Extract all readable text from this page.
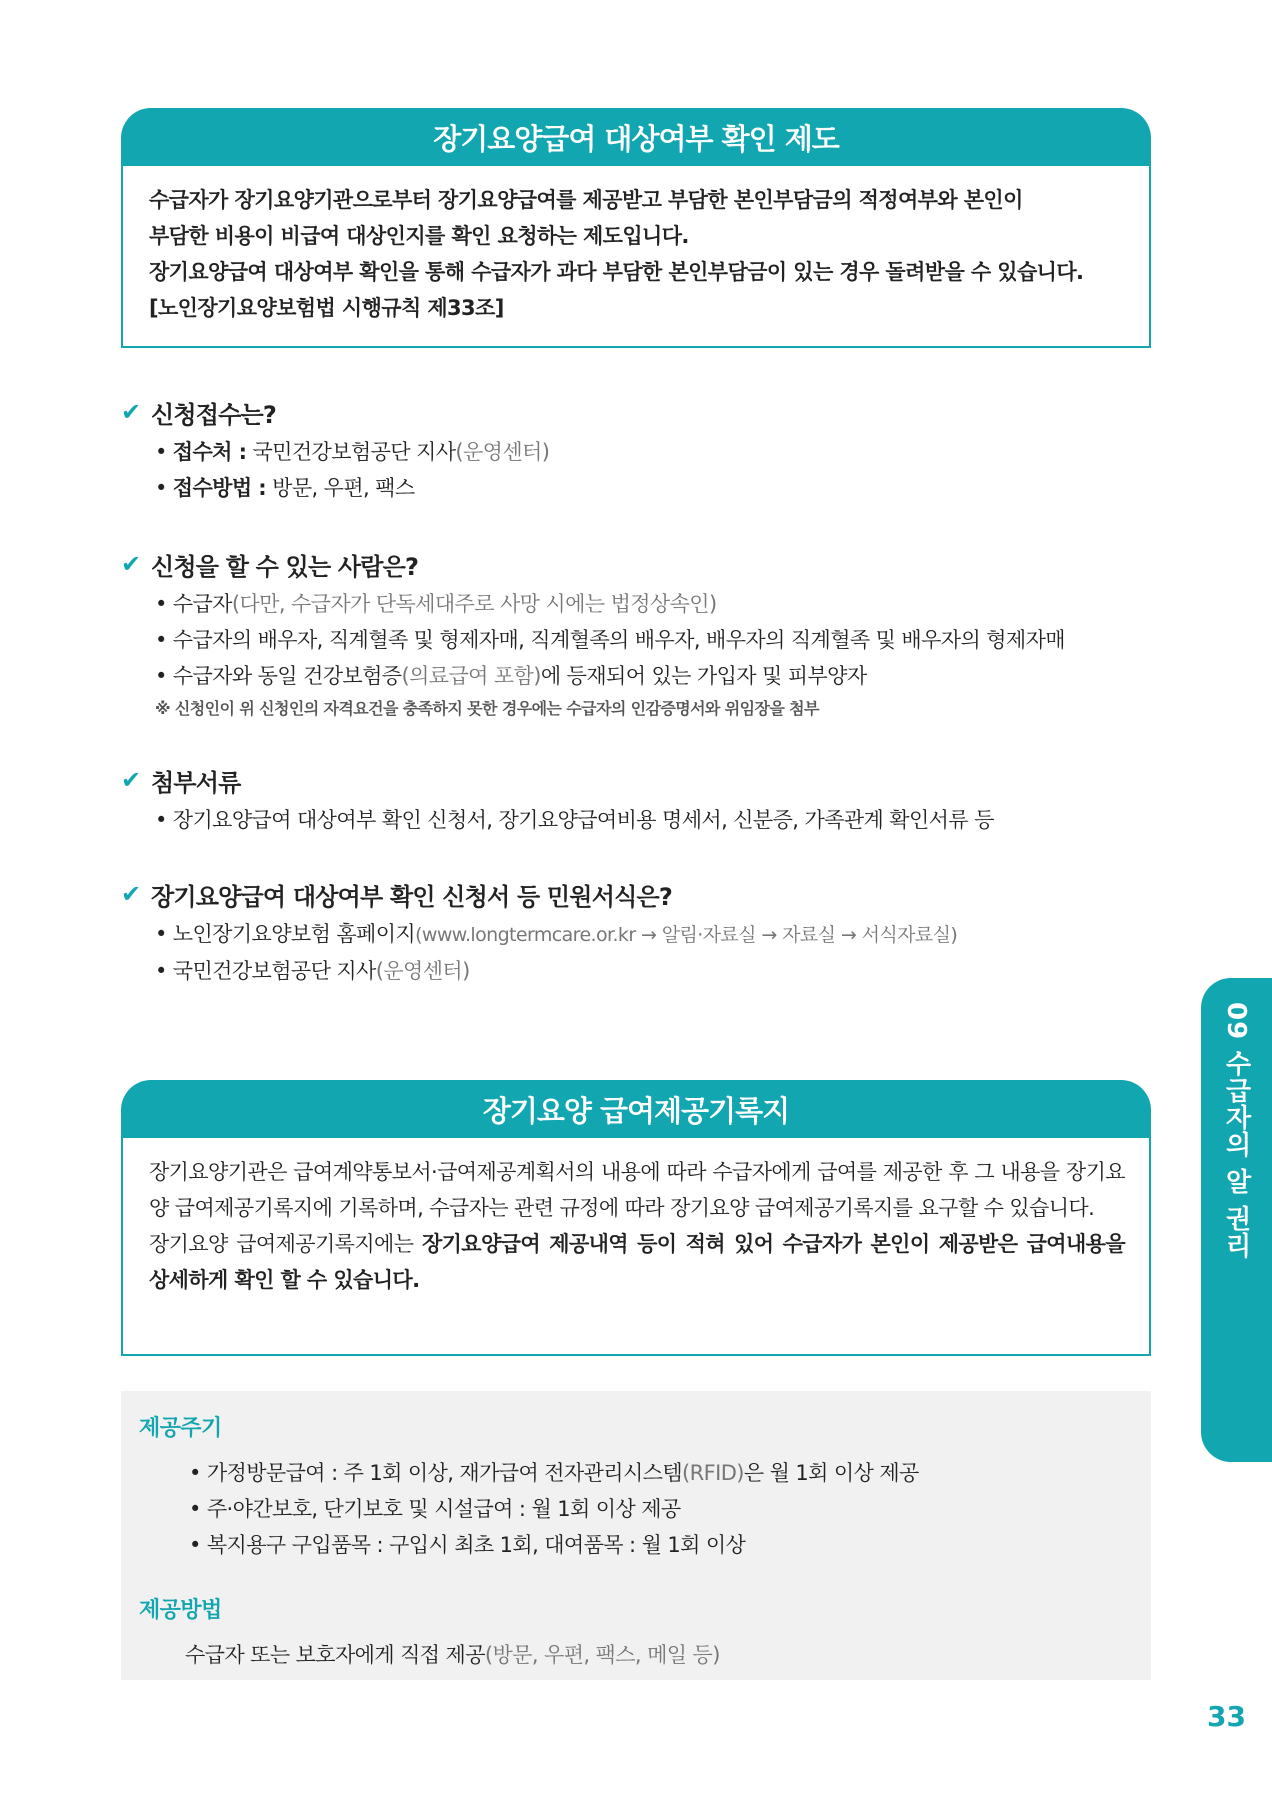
장기요양급여 대상여부 확인 제도

수급자가 장기요양기관으로부터 장기요양급여를 제공받고 부담한 본인부담금의 적정여부와 본인이

부담한 비용이 비급여 대상인지를 확인 요청하는 제도입니다.

장기요양급여 대상여부 확인을 통해 수급자가 과다 부담한 본인부담금이 있는 경우 돌려받을 수 있습니다.

[노인장기요양보험법 시행규칙 제33조]

✔ 신청접수는?
• 접수처 : 국민건강보험공단 지사(운영센터)
• 접수방법 : 방문, 우편, 팩스
✔ 신청을 할 수 있는 사람은?
• 수급자(다만, 수급자가 단독세대주로 사망 시에는 법정상속인)
• 수급자의 배우자, 직계혈족 및 형제자매, 직계혈족의 배우자, 배우자의 직계혈족 및 배우자의 형제자매
• 수급자와 동일 건강보험증(의료급여 포함)에 등재되어 있는 가입자 및 피부양자
※ 신청인이 위 신청인의 자격요건을 충족하지 못한 경우에는 수급자의 인감증명서와 위임장을 첨부
✔ 첨부서류
• 장기요양급여 대상여부 확인 신청서, 장기요양급여비용 명세서, 신분증, 가족관계 확인서류 등
✔ 장기요양급여 대상여부 확인 신청서 등 민원서식은?
• 노인장기요양보험 홈페이지(www.longtermcare.or.kr → 알림·자료실 → 자료실 → 서식자료실)
• 국민건강보험공단 지사(운영센터)
장기요양 급여제공기록지

장기요양기관은 급여계약통보서·급여제공계획서의 내용에 따라 수급자에게 급여를 제공한 후 그 내용을 장기요양 급여제공기록지에 기록하며, 수급자는 관련 규정에 따라 장기요양 급여제공기록지를 요구할 수 있습니다.

장기요양 급여제공기록지에는 장기요양급여 제공내역 등이 적혀 있어 수급자가 본인이 제공받은 급여내용을 상세하게 확인 할 수 있습니다.

제공주기
• 가정방문급여 : 주 1회 이상, 재가급여 전자관리시스템(RFID)은 월 1회 이상 제공
• 주·야간보호, 단기보호 및 시설급여 : 월 1회 이상 제공
• 복지용구 구입품목 : 구입시 최초 1회, 대여품목 : 월 1회 이상
제공방법
수급자 또는 보호자에게 직접 제공(방문, 우편, 팩스, 메일 등)
09 수급자의 알 권리
33
